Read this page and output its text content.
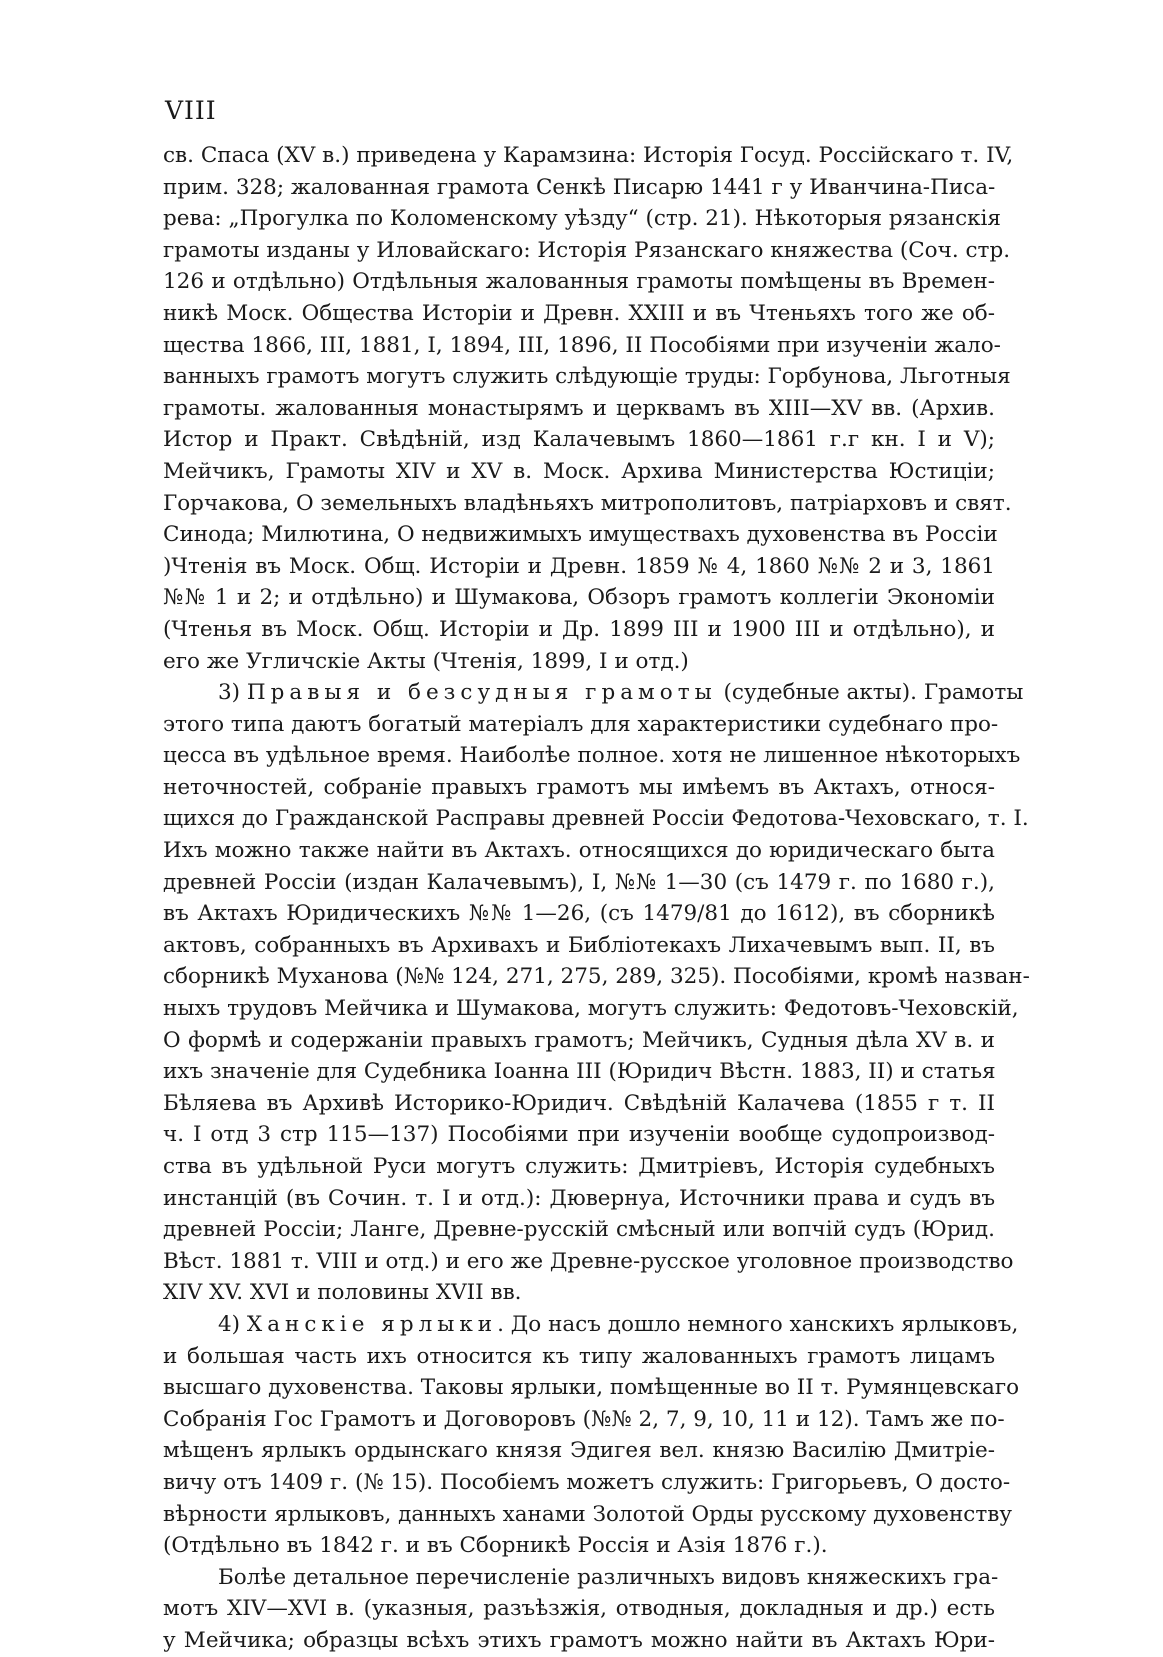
VIII
св. Спаса (XV в.) приведена у Карамзина: Исторія Госуд. Россійскаго т. IV,
прим. 328; жалованная грамота Сенкѣ Писарю 1441 г у Иванчина-Писа-
рева: „Прогулка по Коломенскому уѣзду“ (стр. 21). Нѣкоторыя рязанскія
грамоты изданы у Иловайскаго: Исторія Рязанскаго княжества (Соч. стр.
126 и отдѣльно) Отдѣльныя жалованныя грамоты помѣщены въ Времен-
никѣ Моск. Общества Исторіи и Древн. XXIII и въ Чтеньяхъ того же об-
щества 1866, III, 1881, I, 1894, III, 1896, II Пособіями при изученіи жало-
ванныхъ грамотъ могутъ служить слѣдующіе труды: Горбунова, Льготныя
грамоты. жалованныя монастырямъ и церквамъ въ XIII—XV вв. (Архив.
Истор и Практ. Свѣдѣній, изд Калачевымъ 1860—1861 г.г кн. I и V);
Мейчикъ, Грамоты XIV и XV в. Моск. Архива Министерства Юстиціи;
Горчакова, О земельныхъ владѣньяхъ митрополитовъ, патріарховъ и свят.
Синода; Милютина, О недвижимыхъ имуществахъ духовенства въ Россіи
)Чтенія въ Моск. Общ. Исторіи и Древн. 1859 № 4, 1860 №№ 2 и 3, 1861
№№ 1 и 2; и отдѣльно) и Шумакова, Обзоръ грамотъ коллегіи Экономіи
(Чтенья въ Моск. Общ. Исторіи и Др. 1899 III и 1900 III и отдѣльно), и
его же Угличскіе Акты (Чтенія, 1899, I и отд.)
3) Правыя и безсудныя грамоты (судебные акты). Грамоты
этого типа даютъ богатый матеріалъ для характеристики судебнаго про-
цесса въ удѣльное время. Наиболѣе полное. хотя не лишенное нѣкоторыхъ
неточностей, собраніе правыхъ грамотъ мы имѣемъ въ Актахъ, относя-
щихся до Гражданской Расправы древней Россіи Федотова-Чеховскаго, т. I.
Ихъ можно также найти въ Актахъ. относящихся до юридическаго быта
древней Россіи (издан Калачевымъ), I, №№ 1—30 (съ 1479 г. по 1680 г.),
въ Актахъ Юридическихъ №№ 1—26, (съ 1479/81 до 1612), въ сборникѣ
актовъ, собранныхъ въ Архивахъ и Библіотекахъ Лихачевымъ вып. II, въ
сборникѣ Муханова (№№ 124, 271, 275, 289, 325). Пособіями, кромѣ назван-
ныхъ трудовъ Мейчика и Шумакова, могутъ служить: Федотовъ-Чеховскій,
О формѣ и содержаніи правыхъ грамотъ; Мейчикъ, Судныя дѣла XV в. и
ихъ значеніе для Судебника Іоанна III (Юридич Вѣстн. 1883, II) и статья
Бѣляева въ Архивѣ Историко-Юридич. Свѣдѣній Калачева (1855 г т. II
ч. I отд 3 стр 115—137) Пособіями при изученіи вообще судопроизвод-
ства въ удѣльной Руси могутъ служить: Дмитріевъ, Исторія судебныхъ
инстанцій (въ Сочин. т. I и отд.): Дювернуа, Источники права и судъ въ
древней Россіи; Ланге, Древне-русскій смѣсный или вопчій судъ (Юрид.
Вѣст. 1881 т. VIII и отд.) и его же Древне-русское уголовное производство
XIV XV. XVI и половины XVII вв.
4) Ханскіе ярлыки. До насъ дошло немного ханскихъ ярлыковъ,
и большая часть ихъ относится къ типу жалованныхъ грамотъ лицамъ
высшаго духовенства. Таковы ярлыки, помѣщенные во II т. Румянцевскаго
Собранія Гос Грамотъ и Договоровъ (№№ 2, 7, 9, 10, 11 и 12). Тамъ же по-
мѣщенъ ярлыкъ ордынскаго князя Эдигея вел. князю Василію Дмитріе-
вичу отъ 1409 г. (№ 15). Пособіемъ можетъ служить: Григорьевъ, О досто-
вѣрности ярлыковъ, данныхъ ханами Золотой Орды русскому духовенству
(Отдѣльно въ 1842 г. и въ Сборникѣ Россія и Азія 1876 г.).
Болѣе детальное перечисленіе различныхъ видовъ княжескихъ гра-
мотъ XIV—XVI в. (указныя, разъѣзжія, отводныя, докладныя и др.) есть
у Мейчика; образцы всѣхъ этихъ грамотъ можно найти въ Актахъ Юри-
